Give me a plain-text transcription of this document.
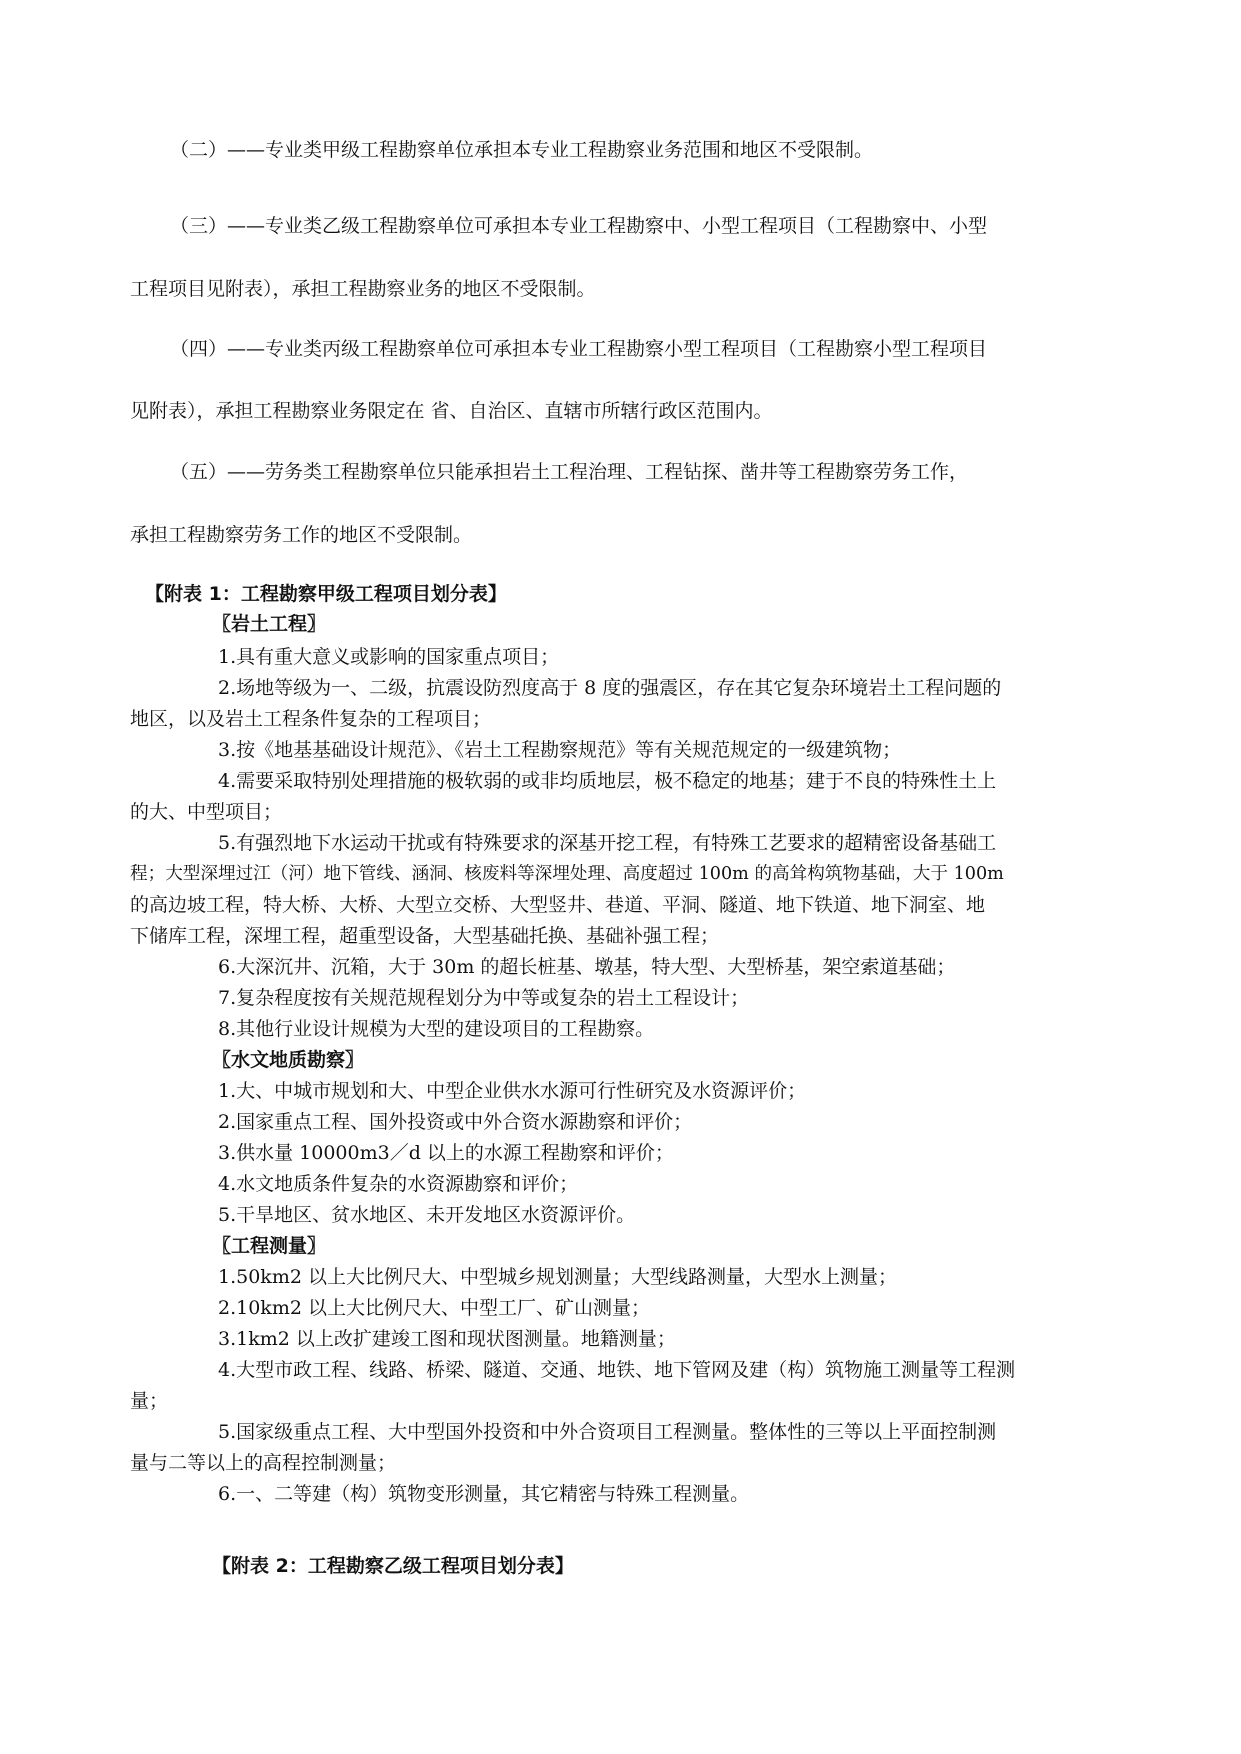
（二）——专业类甲级工程勘察单位承担本专业工程勘察业务范围和地区不受限制。
（三）——专业类乙级工程勘察单位可承担本专业工程勘察中、小型工程项目（工程勘察中、小型
工程项目见附表），承担工程勘察业务的地区不受限制。
（四）——专业类丙级工程勘察单位可承担本专业工程勘察小型工程项目（工程勘察小型工程项目
见附表），承担工程勘察业务限定在 省、自治区、直辖市所辖行政区范围内。
（五）——劳务类工程勘察单位只能承担岩土工程治理、工程钻探、凿井等工程勘察劳务工作，
承担工程勘察劳务工作的地区不受限制。
【附表 1：工程勘察甲级工程项目划分表】
〖岩土工程〗
1.具有重大意义或影响的国家重点项目；
2.场地等级为一、二级，抗震设防烈度高于 8 度的强震区，存在其它复杂环境岩土工程问题的
地区，以及岩土工程条件复杂的工程项目；
3.按《地基基础设计规范》、《岩土工程勘察规范》等有关规范规定的一级建筑物；
4.需要采取特别处理措施的极软弱的或非均质地层，极不稳定的地基；建于不良的特殊性土上
的大、中型项目；
5.有强烈地下水运动干扰或有特殊要求的深基开挖工程，有特殊工艺要求的超精密设备基础工
程；大型深埋过江（河）地下管线、涵洞、核废料等深埋处理、高度超过 100m 的高耸构筑物基础，大于 100m
的高边坡工程，特大桥、大桥、大型立交桥、大型竖井、巷道、平洞、隧道、地下铁道、地下洞室、地
下储库工程，深埋工程，超重型设备，大型基础托换、基础补强工程；
6.大深沉井、沉箱，大于 30m 的超长桩基、墩基，特大型、大型桥基，架空索道基础；
7.复杂程度按有关规范规程划分为中等或复杂的岩土工程设计；
8.其他行业设计规模为大型的建设项目的工程勘察。
〖水文地质勘察〗
1.大、中城市规划和大、中型企业供水水源可行性研究及水资源评价；
2.国家重点工程、国外投资或中外合资水源勘察和评价；
3.供水量 10000m3／d 以上的水源工程勘察和评价；
4.水文地质条件复杂的水资源勘察和评价；
5.干旱地区、贫水地区、未开发地区水资源评价。
〖工程测量〗
1.50km2 以上大比例尺大、中型城乡规划测量；大型线路测量，大型水上测量；
2.10km2 以上大比例尺大、中型工厂、矿山测量；
3.1km2 以上改扩建竣工图和现状图测量。地籍测量；
4.大型市政工程、线路、桥梁、隧道、交通、地铁、地下管网及建（构）筑物施工测量等工程测
量；
5.国家级重点工程、大中型国外投资和中外合资项目工程测量。整体性的三等以上平面控制测
量与二等以上的高程控制测量；
6.一、二等建（构）筑物变形测量，其它精密与特殊工程测量。
【附表 2：工程勘察乙级工程项目划分表】
